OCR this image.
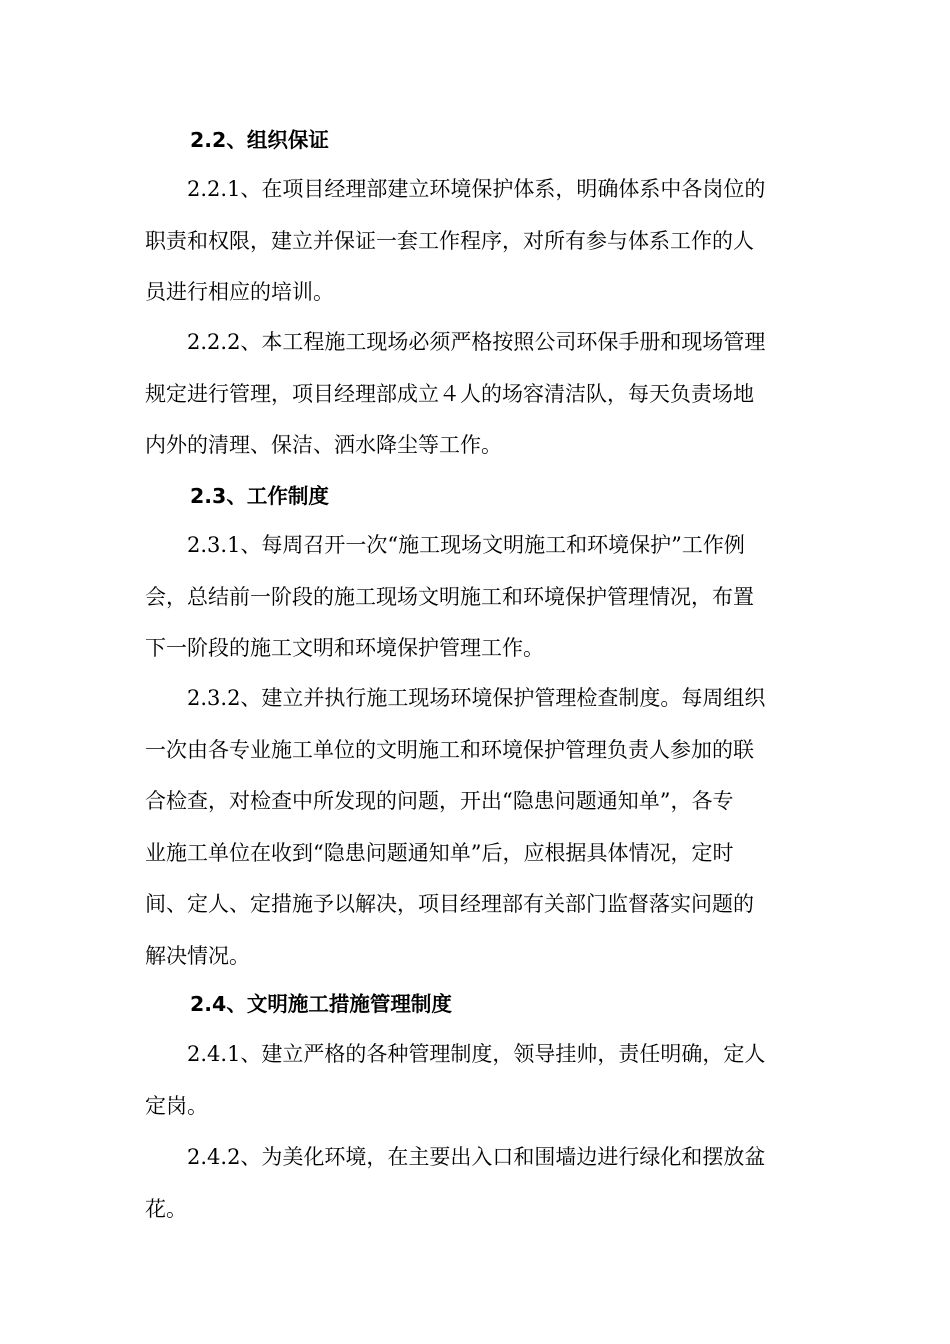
2.2、组织保证
2.2.1、在项目经理部建立环境保护体系，明确体系中各岗位的
职责和权限，建立并保证一套工作程序，对所有参与体系工作的人
员进行相应的培训。
2.2.2、本工程施工现场必须严格按照公司环保手册和现场管理
规定进行管理，项目经理部成立４人的场容清洁队，每天负责场地
内外的清理、保洁、洒水降尘等工作。
2.3、工作制度
2.3.1、每周召开一次“施工现场文明施工和环境保护”工作例
会，总结前一阶段的施工现场文明施工和环境保护管理情况，布置
下一阶段的施工文明和环境保护管理工作。
2.3.2、建立并执行施工现场环境保护管理检查制度。每周组织
一次由各专业施工单位的文明施工和环境保护管理负责人参加的联
合检查，对检查中所发现的问题，开出“隐患问题通知单”，各专
业施工单位在收到“隐患问题通知单”后，应根据具体情况，定时
间、定人、定措施予以解决，项目经理部有关部门监督落实问题的
解决情况。
2.4、文明施工措施管理制度
2.4.1、建立严格的各种管理制度，领导挂帅，责任明确，定人
定岗。
2.4.2、为美化环境，在主要出入口和围墙边进行绿化和摆放盆
花。
